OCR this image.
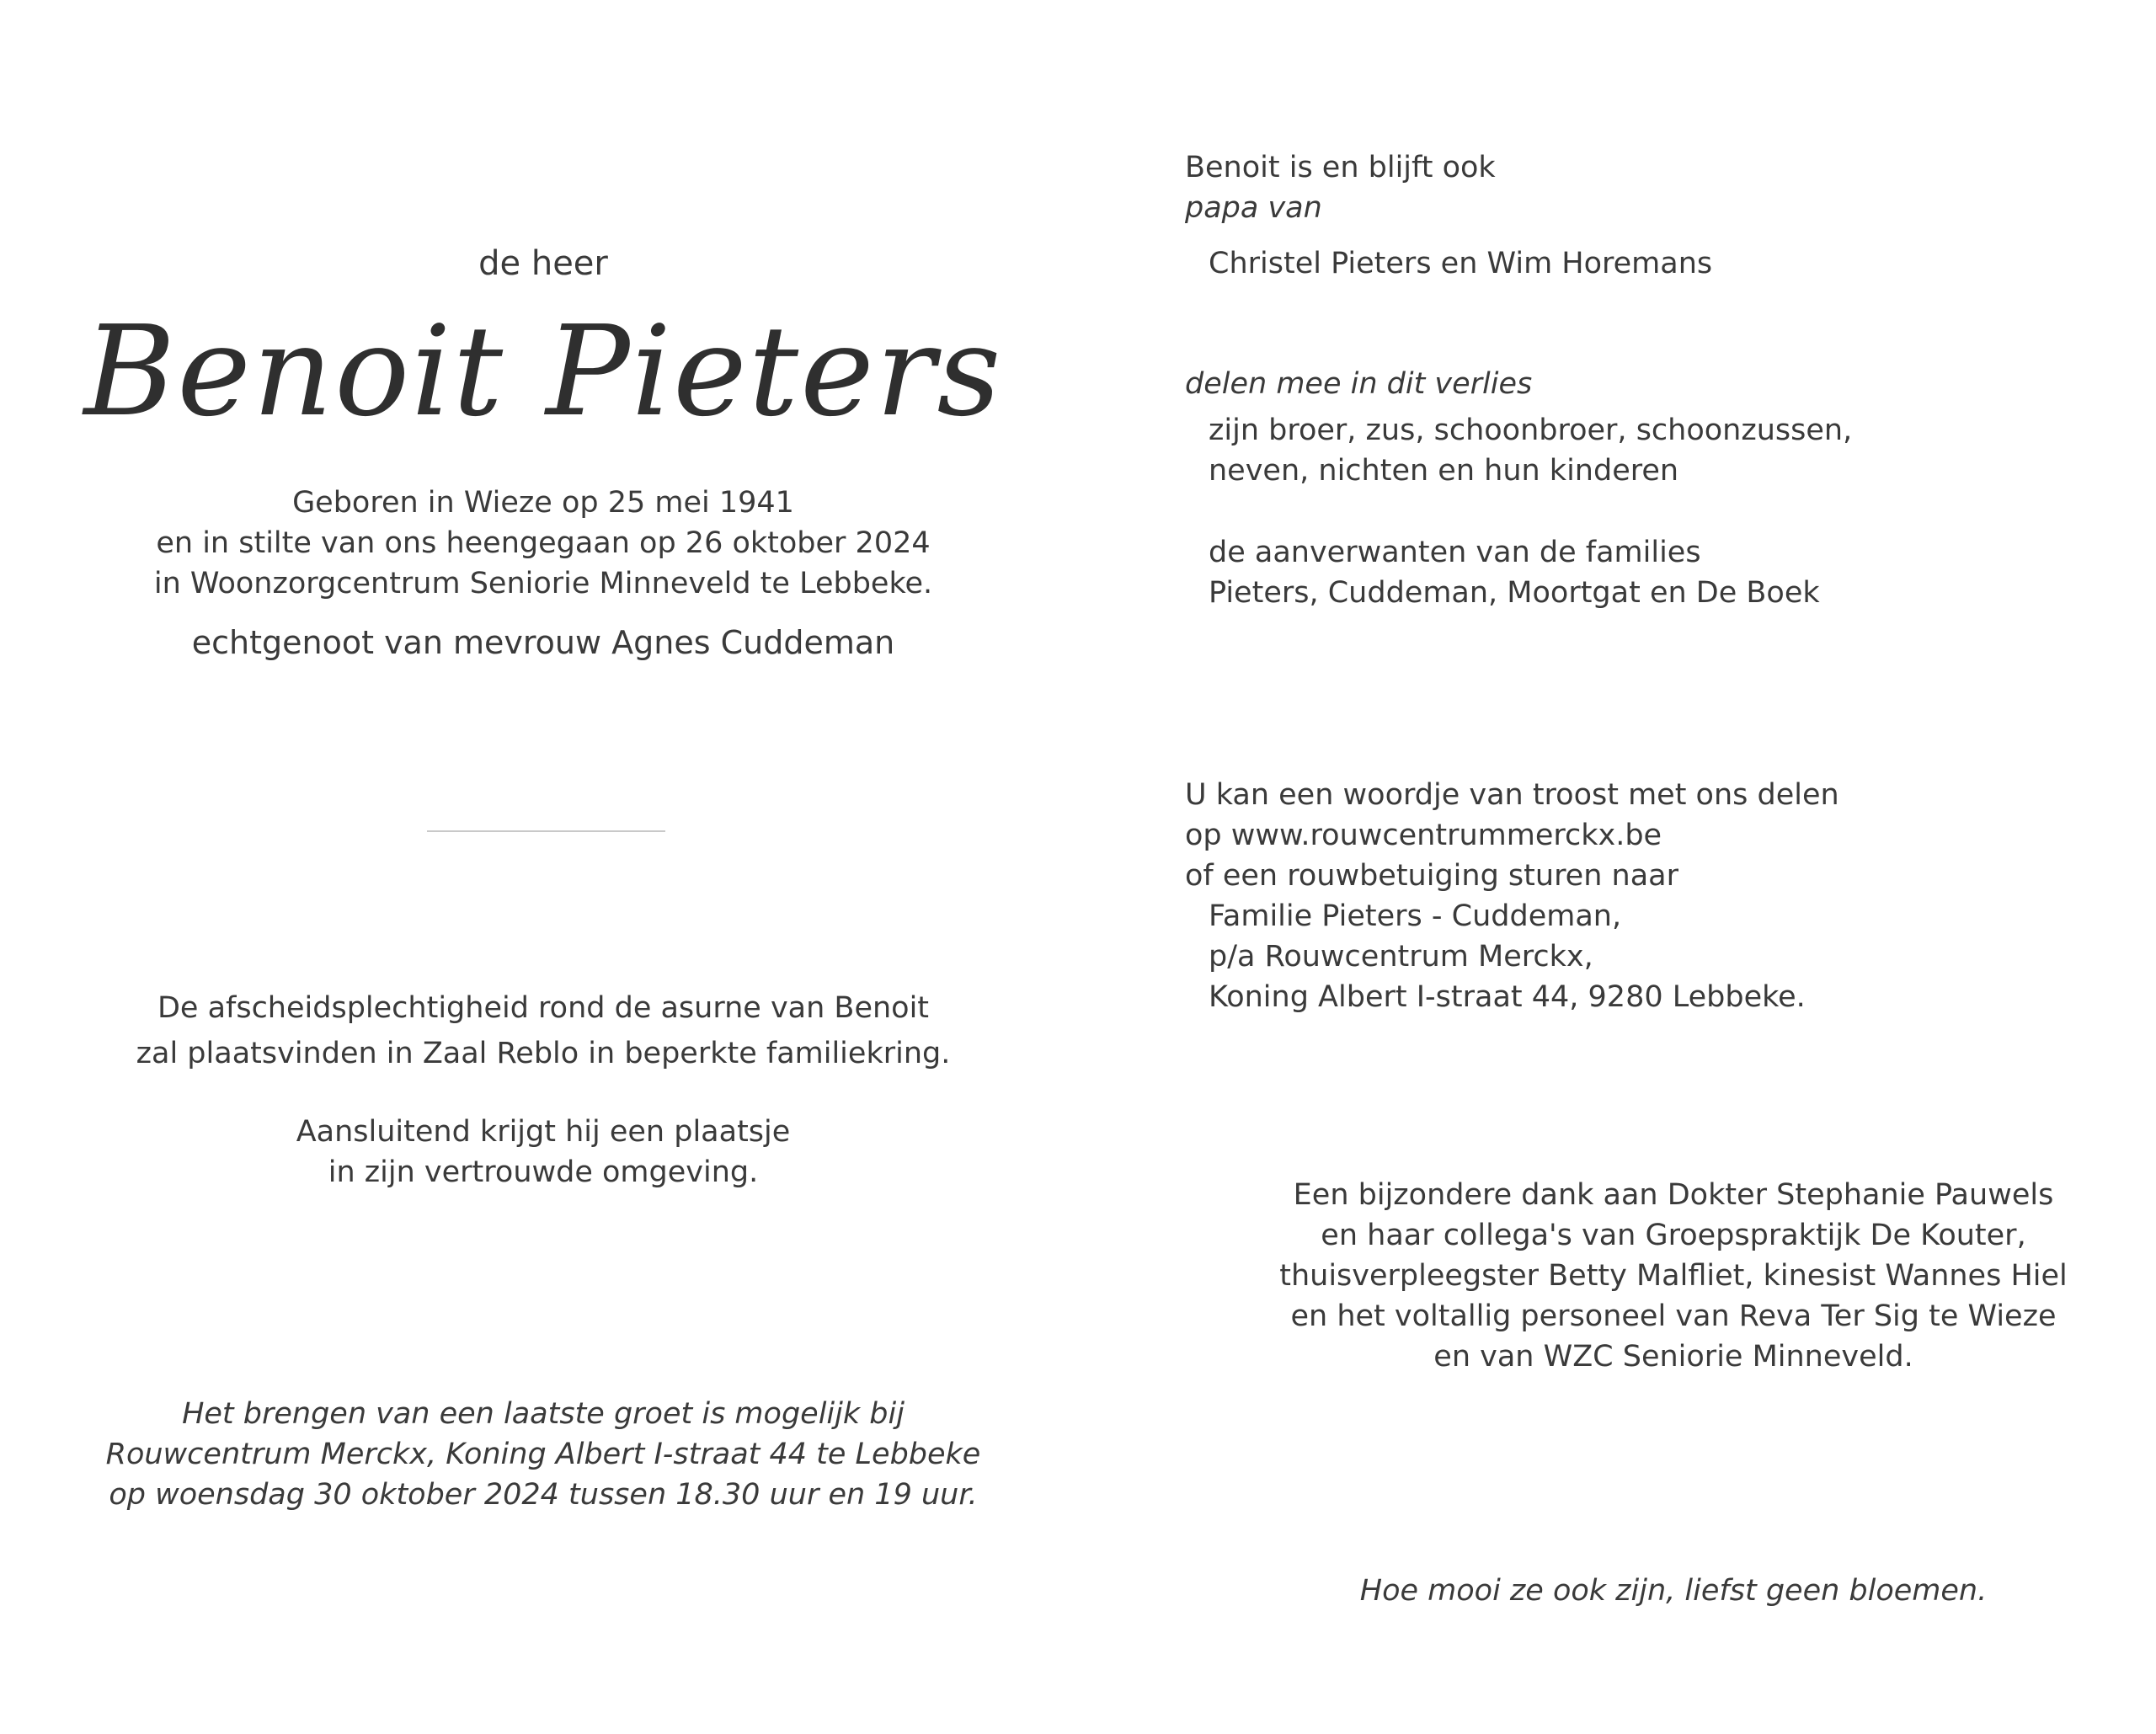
de heer
Benoit Pieters
Geboren in Wieze op 25 mei 1941
en in stilte van ons heengegaan op 26 oktober 2024
in Woonzorgcentrum Seniorie Minneveld te Lebbeke.
echtgenoot van mevrouw Agnes Cuddeman
De afscheidsplechtigheid rond de asurne van Benoit
zal plaatsvinden in Zaal Reblo in beperkte familiekring.
Aansluitend krijgt hij een plaatsje
in zijn vertrouwde omgeving.
Het brengen van een laatste groet is mogelijk bij
Rouwcentrum Merckx, Koning Albert I-straat 44 te Lebbeke
op woensdag 30 oktober 2024 tussen 18.30 uur en 19 uur.
Benoit is en blijft ook
papa van
Christel Pieters en Wim Horemans
delen mee in dit verlies
zijn broer, zus, schoonbroer, schoonzussen,
neven, nichten en hun kinderen
de aanverwanten van de families
Pieters, Cuddeman, Moortgat en De Boek
U kan een woordje van troost met ons delen
op www.rouwcentrummerckx.be
of een rouwbetuiging sturen naar
Familie Pieters - Cuddeman,
p/a Rouwcentrum Merckx,
Koning Albert I-straat 44, 9280 Lebbeke.
Een bijzondere dank aan Dokter Stephanie Pauwels
en haar collega's van Groepspraktijk De Kouter,
thuisverpleegster Betty Malfliet, kinesist Wannes Hiel
en het voltallig personeel van Reva Ter Sig te Wieze
en van WZC Seniorie Minneveld.
Hoe mooi ze ook zijn, liefst geen bloemen.
